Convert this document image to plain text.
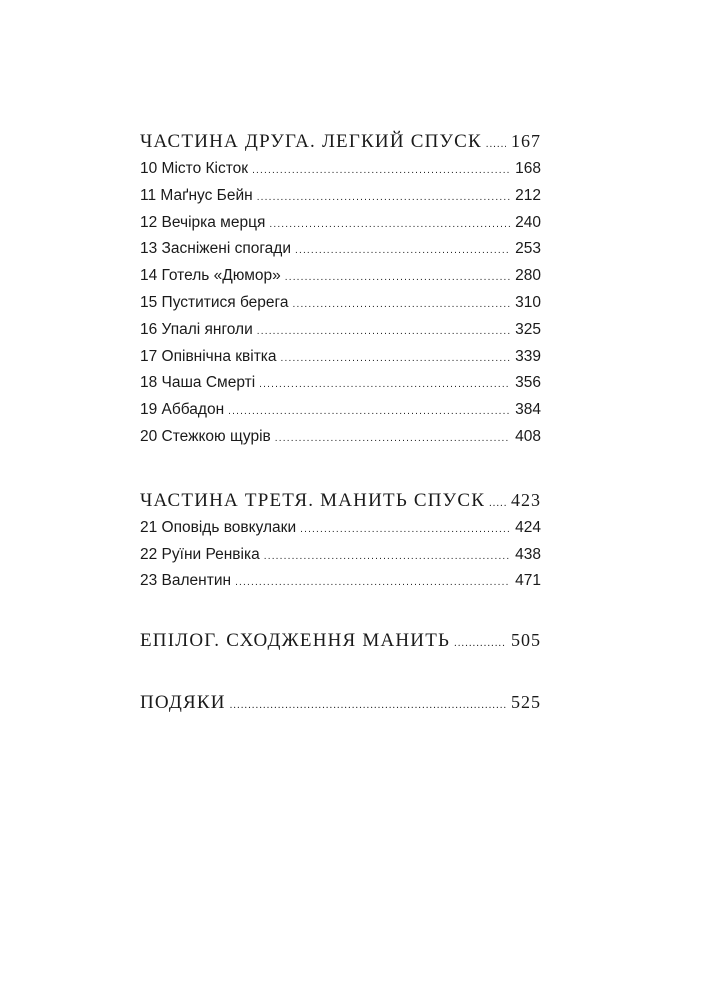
ЧАСТИНА ДРУГА. ЛЕГКИЙ СПУСК ..... 167
10 Місто Кісток .....	168
11 Маґнус Бейн .....	212
12 Вечірка мерця .....	240
13 Засніжені спогади .....	253
14 Готель «Дюмор» .....	280
15 Пуститися берега .....	310
16 Упалі янголи .....	325
17 Опівнічна квітка .....	339
18 Чаша Смерті .....	356
19 Аббадон .....	384
20 Стежкою щурів .....	408
ЧАСТИНА ТРЕТЯ. МАНИТЬ СПУСК ..... 423
21 Оповідь вовкулаки .....	424
22 Руїни Ренвіка .....	438
23 Валентин .....	471
ЕПІЛОГ. СХОДЖЕННЯ МАНИТЬ .....	505
ПОДЯКИ .....	525
